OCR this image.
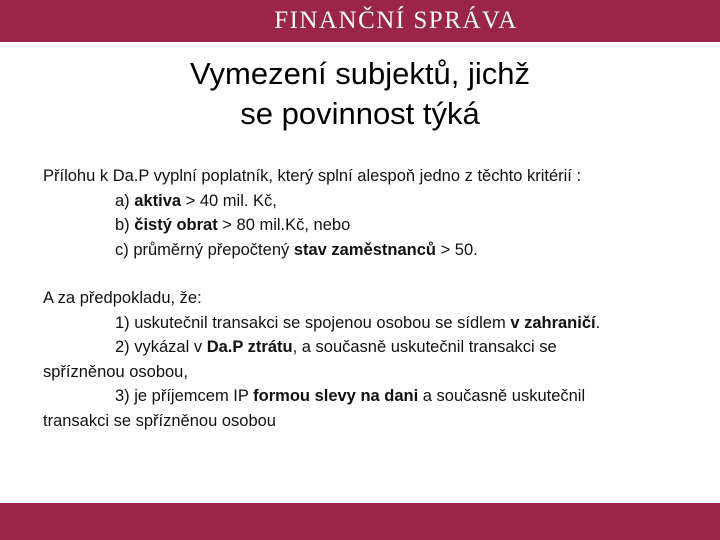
FINANČNÍ SPRÁVA
Vymezení subjektů, jichž
se povinnost týká
Přílohu k Da.P vyplní poplatník, který splní alespoň jedno z těchto kritérií :
a) aktiva > 40 mil. Kč,
b) čistý obrat > 80 mil.Kč, nebo
c) průměrný přepočtený stav zaměstnanců > 50.
A za předpokladu, že:
1) uskutečnil transakci se spojenou osobou se sídlem v zahraničí.
2) vykázal v Da.P ztrátu, a současně uskutečnil transakci se
spřízněnou osobou,
3) je příjemcem IP formou slevy na dani a současně uskutečnil
transakci se spřízněnou osobou
